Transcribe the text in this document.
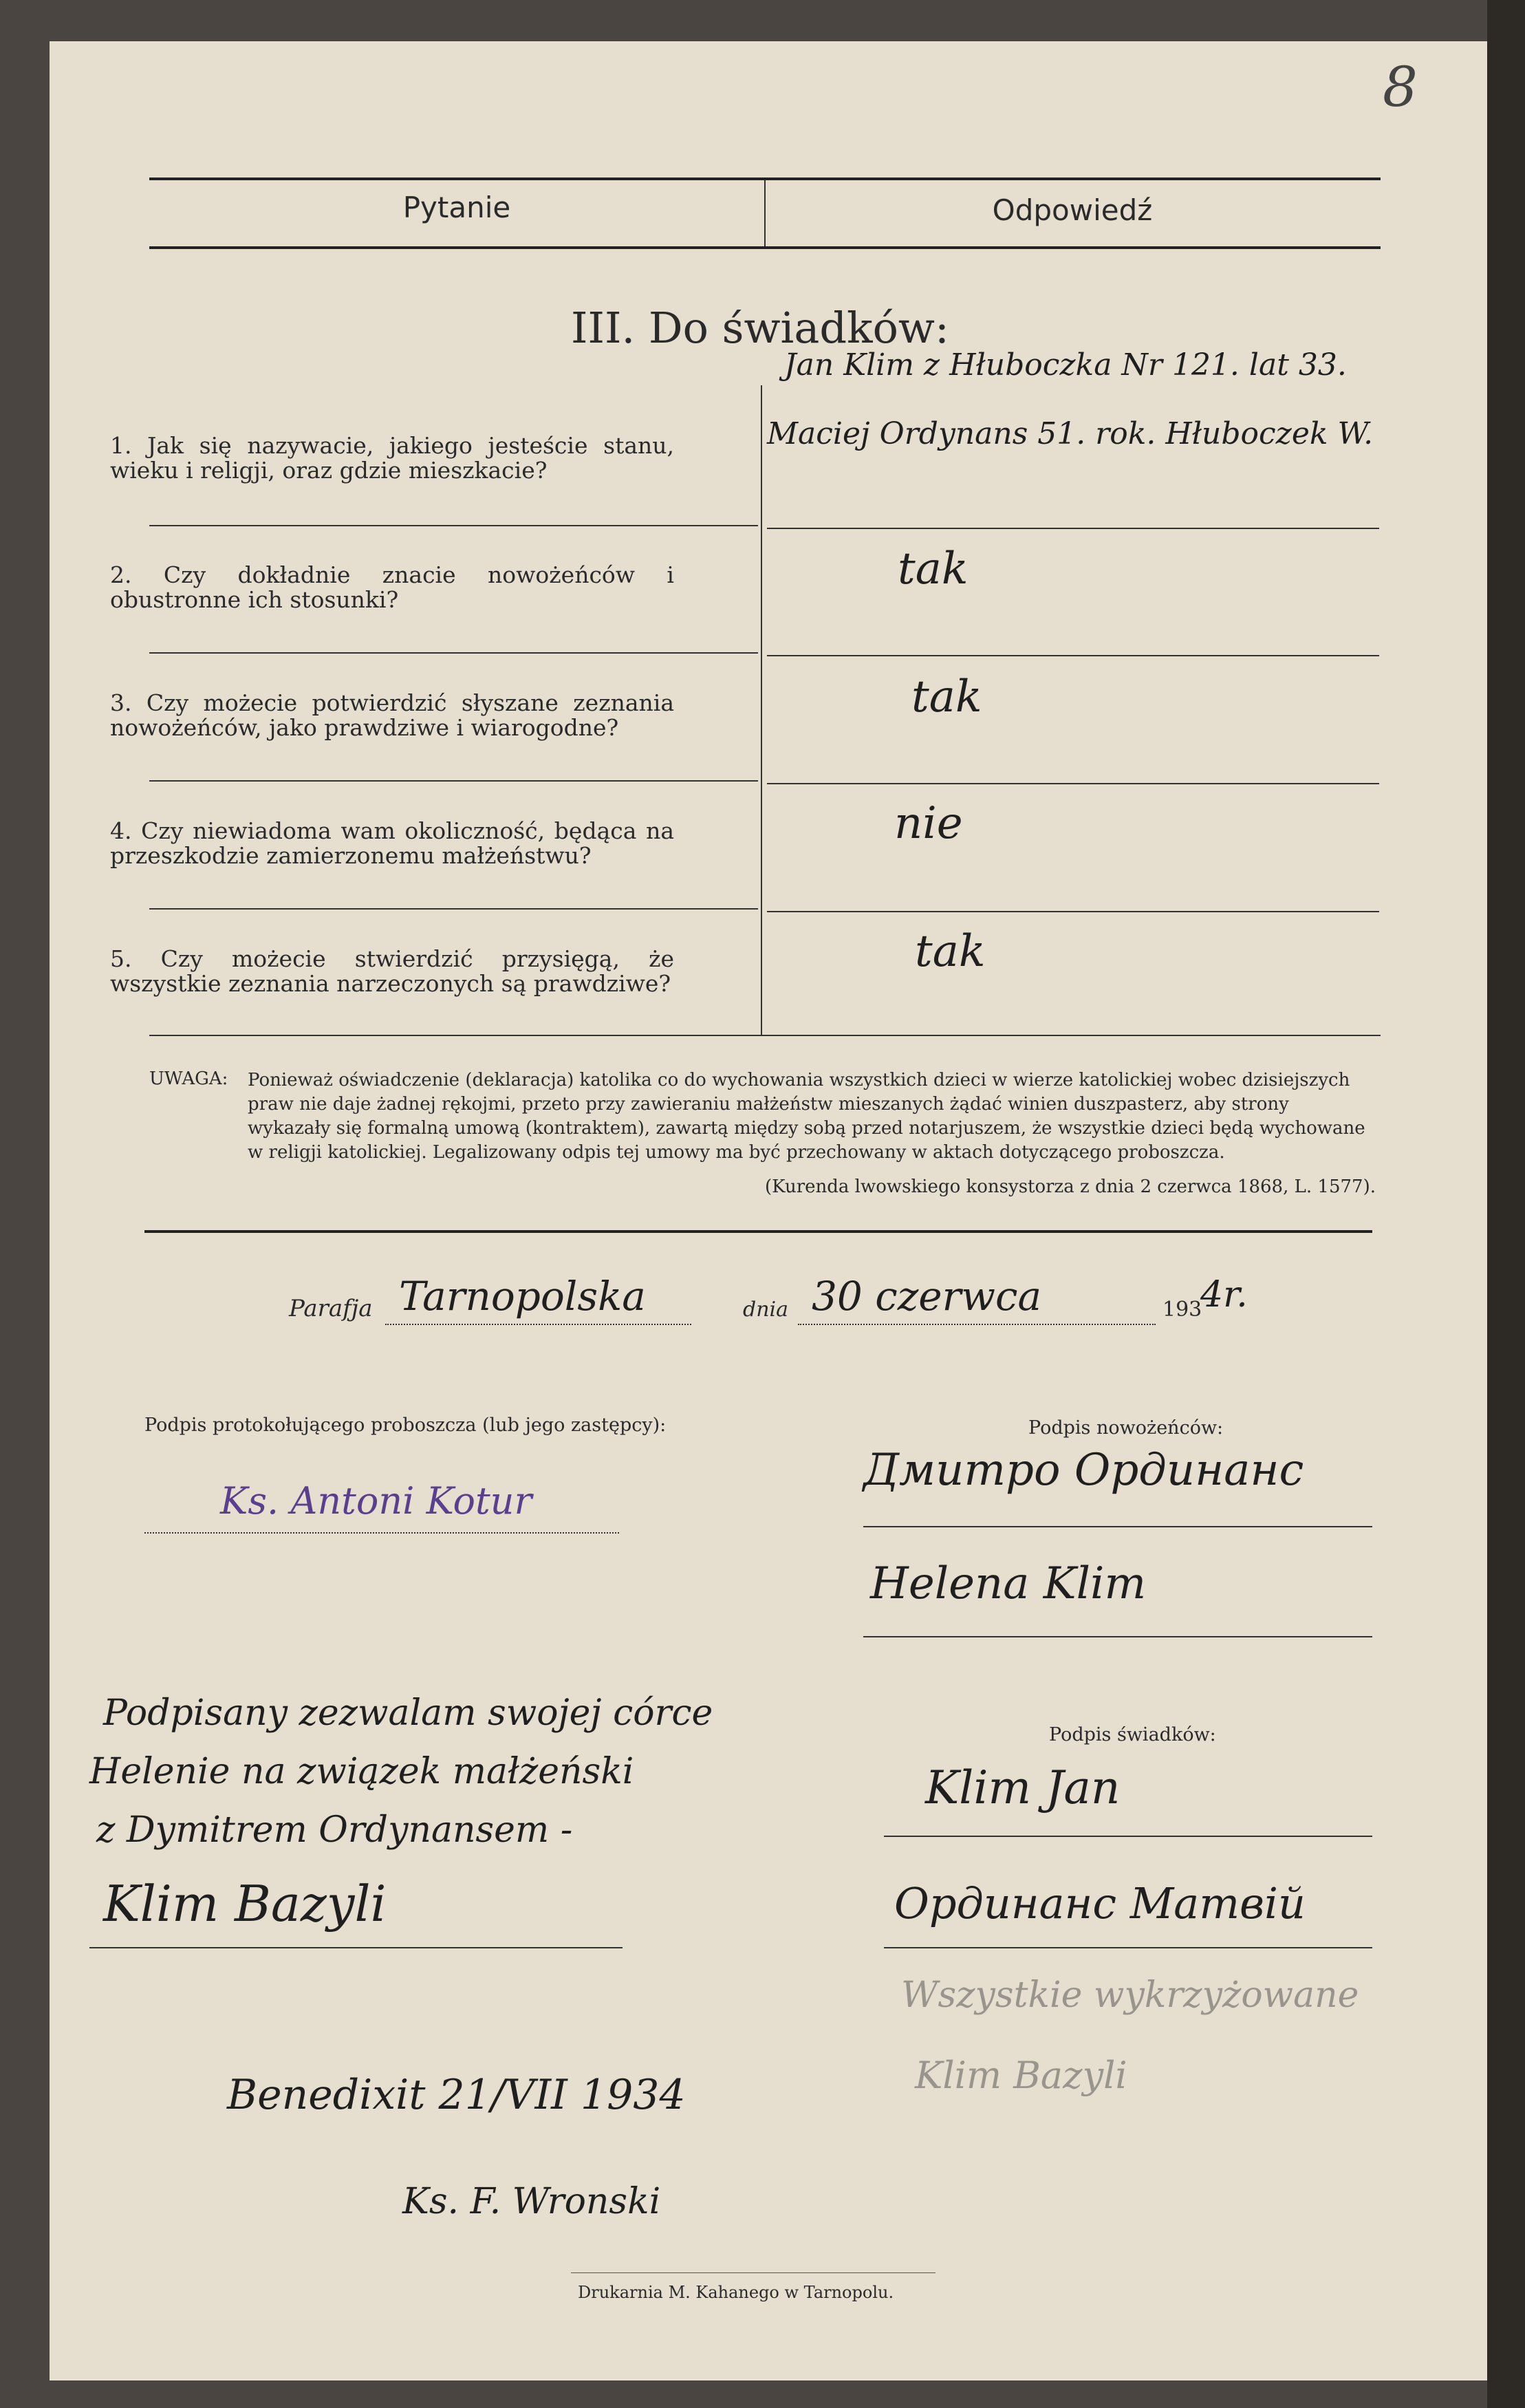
8
Pytanie	Odpowiedź
III. Do świadków:
1. Jak się nazywacie, jakiego jesteście stanu, wieku i religji, oraz gdzie mieszkacie?
Jan Klim z Hłuboczka Nr 121. lat 33.
Maciej Ordynans 51. rok. Hłuboczek W.
2. Czy dokładnie znacie nowożeńców i obustronne ich stosunki?
tak
3. Czy możecie potwierdzić słyszane zeznania nowożeńców, jako prawdziwe i wiarogodne?
tak
4. Czy niewiadoma wam okoliczność, będąca na przeszkodzie zamierzonemu małżeństwu?
nie
5. Czy możecie stwierdzić przysięgą, że wszystkie zeznania narzeczonych są prawdziwe?
tak
UWAGA: Ponieważ oświadczenie (deklaracja) katolika co do wychowania wszystkich dzieci w wierze katolickiej wobec dzisiejszych
praw nie daje żadnej rękojmi, przeto przy zawieraniu małżeństw mieszanych żądać winien duszpasterz, aby strony
wykazały się formalną umową (kontraktem), zawartą między sobą przed notarjuszem, że wszystkie dzieci będą wychowane
w religji katolickiej. Legalizowany odpis tej umowy ma być przechowany w aktach dotyczącego proboszcza.
(Kurenda lwowskiego konsystorza z dnia 2 czerwca 1868, L. 1577).
Parafja Tarnopolska	dnia 30 czerwca	193
4r.
Podpis protokołującego proboszcza (lub jego zastępcy):	Podpis nowożeńców:
Ks. Antoni Kotur
Дмитро Ординанс
Helena Klim
Podpisany zezwalam swojej córce
Helenie na związek małżeński
z Dymitrem Ordynansem -
Klim Bazyli
Podpis świadków:
Klim Jan
Ординанс Матвій
Wszystkie wykrzyżowane
Klim Bazyli
Benedixit 21/VII 1934
Ks. F. Wronski
Drukarnia M. Kahanego w Tarnopolu.
